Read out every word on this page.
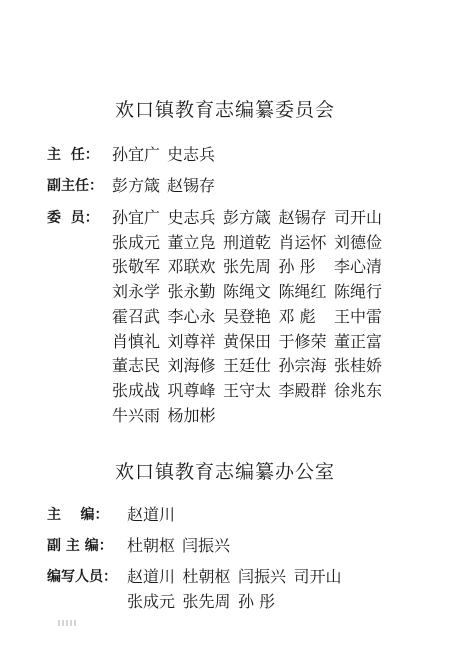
欢口镇教育志编纂委员会
主  任： 孙宜广 史志兵
副主任： 彭方箴 赵锡存
委  员： 孙宜广 史志兵 彭方箴 赵锡存 司开山
张成元 董立凫 刑道乾 肖运怀 刘德俭
张敬军 邓联欢 张先周 孙 彤 李心清
刘永学 张永勤 陈绳文 陈绳红 陈绳行
霍召武 李心永 吴登艳 邓 彪 王中雷
肖慎礼 刘尊祥 黄保田 于修荣 董正富
董志民 刘海修 王廷仕 孙宗海 张桂娇
张成战 巩尊峰 王守太 李殿群 徐兆东
牛兴雨 杨加彬
欢口镇教育志编纂办公室
主    编： 赵道川
副 主 编： 杜朝枢 闫振兴
编写人员： 赵道川 杜朝枢 闫振兴 司开山
张成元 张先周 孙 彤
